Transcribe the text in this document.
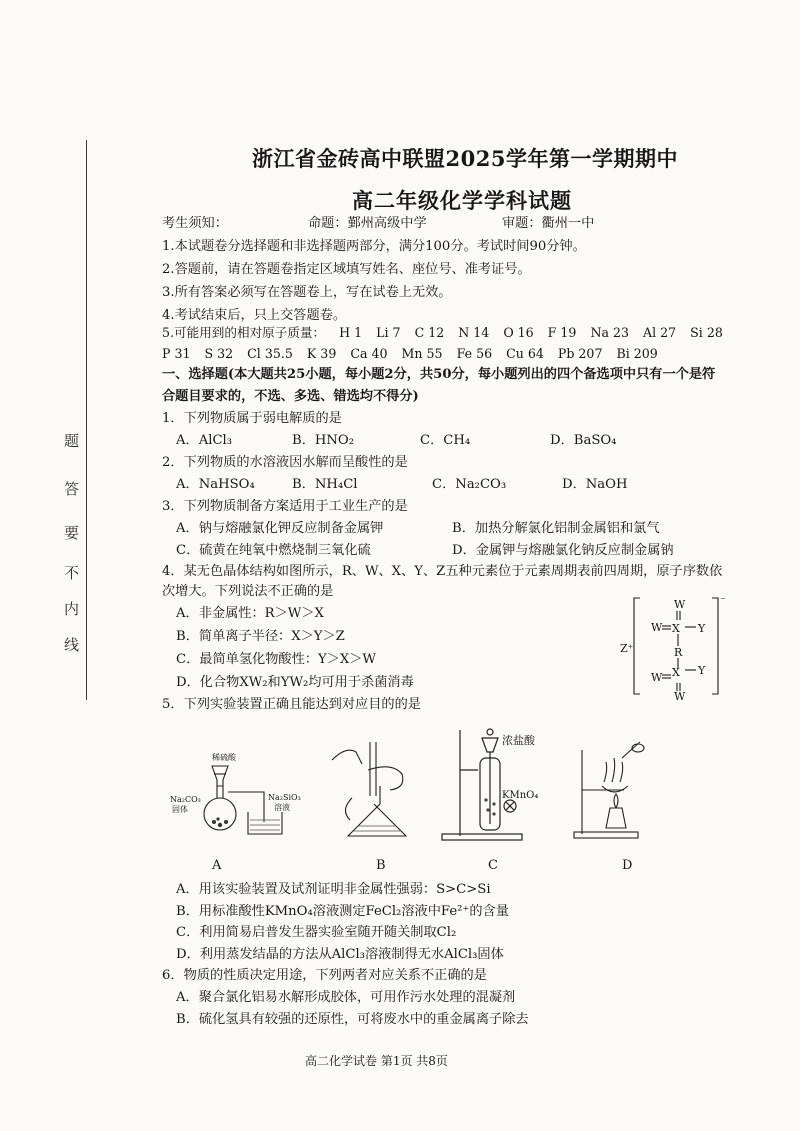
题
答
要
不
内
线
浙江省金砖高中联盟2025学年第一学期期中
高二年级化学学科试题
考生须知：	命题：鄞州高级中学	审题：衢州一中
1.本试题卷分选择题和非选择题两部分，满分100分。考试时间90分钟。
2.答题前，请在答题卷指定区域填写姓名、座位号、准考证号。
3.所有答案必须写在答题卷上，写在试卷上无效。
4.考试结束后，只上交答题卷。
5.可能用到的相对原子质量： H 1 Li 7 C 12 N 14 O 16 F 19 Na 23 Al 27 Si 28
P 31 S 32 Cl 35.5 K 39 Ca 40 Mn 55 Fe 56 Cu 64 Pb 207 Bi 209
一、选择题(本大题共25小题，每小题2分，共50分，每小题列出的四个备选项中只有一个是符
合题目要求的，不选、多选、错选均不得分)
1．下列物质属于弱电解质的是
A．AlCl₃	B．HNO₂	C．CH₄	D．BaSO₄
2．下列物质的水溶液因水解而呈酸性的是
A．NaHSO₄	B．NH₄Cl	C．Na₂CO₃	D．NaOH
3．下列物质制备方案适用于工业生产的是
A．钠与熔融氯化钾反应制备金属钾	B．加热分解氯化铝制金属铝和氯气
C．硫黄在纯氧中燃烧制三氧化硫	D．金属钾与熔融氯化钠反应制金属钠
4．某无色晶体结构如图所示，R、W、X、Y、Z五种元素位于元素周期表前四周期，原子序数依
次增大。下列说法不正确的是
A．非金属性：R＞W＞X
B．简单离子半径：X＞Y＞Z
C．最简单氢化物酸性：Y＞X＞W
D．化合物XW₂和YW₂均可用于杀菌消毒
W
W X Y
R
W X Y
W
Z⁺
⁻
5．下列实验装置正确且能达到对应目的的是
稀硫酸
Na₂CO₃
固体
Na₂SiO₃
溶液
A	B
浓盐酸
KMnO₄
C	D
A．用该实验装置及试剂证明非金属性强弱：S>C>Si
B．用标准酸性KMnO₄溶液测定FeCl₂溶液中Fe²⁺的含量
C．利用简易启普发生器实验室随开随关制取Cl₂
D．利用蒸发结晶的方法从AlCl₃溶液制得无水AlCl₃固体
6．物质的性质决定用途，下列两者对应关系不正确的是
A．聚合氯化铝易水解形成胶体，可用作污水处理的混凝剂
B．硫化氢具有较强的还原性，可将废水中的重金属离子除去
高二化学试卷 第1页 共8页
